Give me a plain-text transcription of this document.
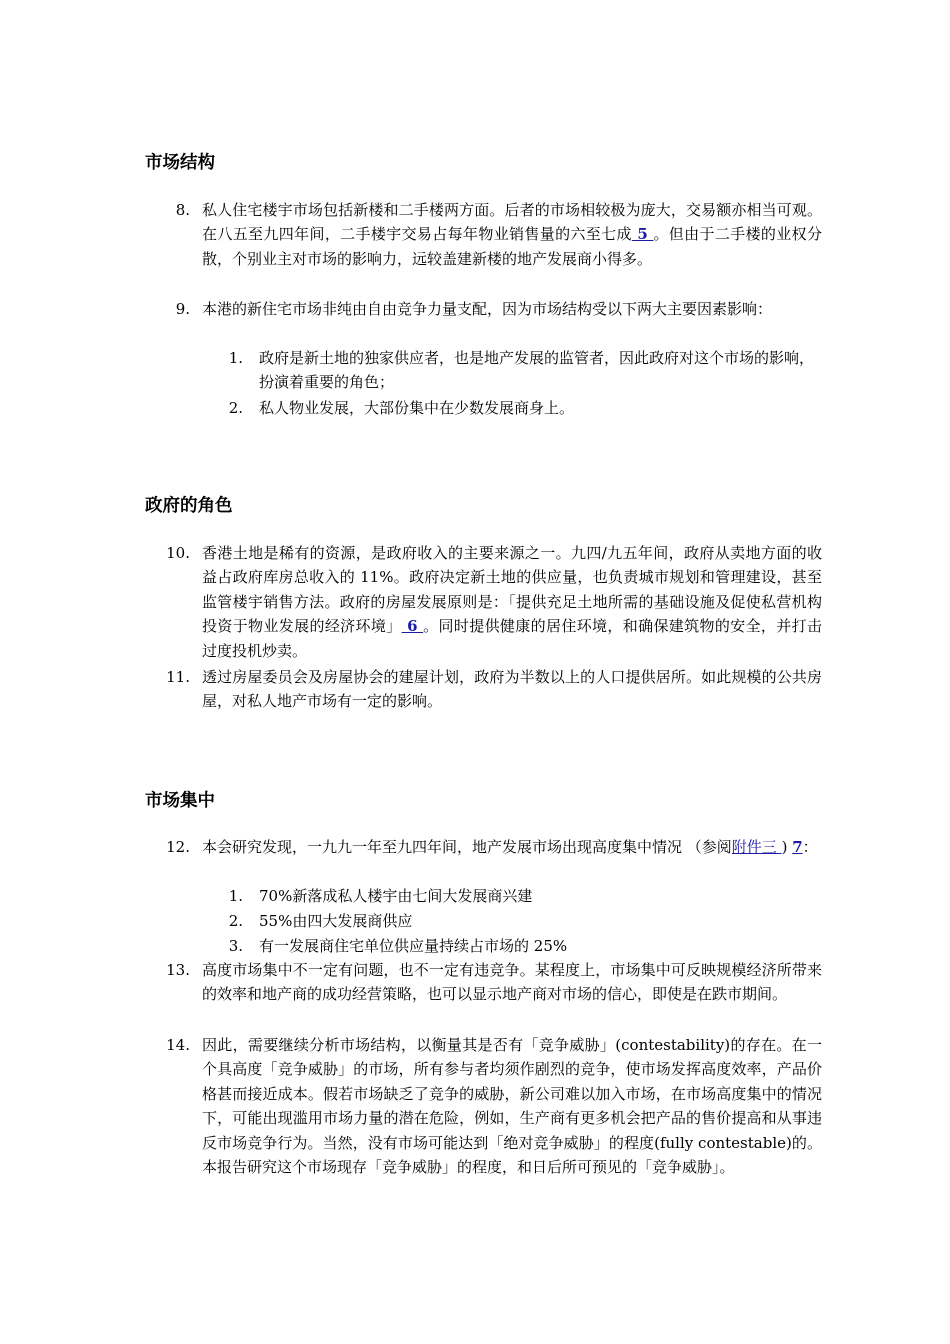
市场结构
8. 私人住宅楼宇市场包括新楼和二手楼两方面。后者的市场相较极为庞大，交易额亦相当可观。在八五至九四年间，二手楼宇交易占每年物业销售量的六至七成 5 。但由于二手楼的业权分散，个别业主对市场的影响力，远较盖建新楼的地产发展商小得多。
9. 本港的新住宅市场非纯由自由竞争力量支配，因为市场结构受以下两大主要因素影响：
1. 政府是新土地的独家供应者，也是地产发展的监管者，因此政府对这个市场的影响，扮演着重要的角色；
2. 私人物业发展，大部份集中在少数发展商身上。
政府的角色
10. 香港土地是稀有的资源，是政府收入的主要来源之一。九四/九五年间，政府从卖地方面的收益占政府库房总收入的 11%。政府决定新土地的供应量，也负责城市规划和管理建设，甚至监管楼宇销售方法。政府的房屋发展原则是：「提供充足土地所需的基础设施及促使私营机构投资于物业发展的经济环境」 6 。同时提供健康的居住环境，和确保建筑物的安全，并打击过度投机炒卖。
11. 透过房屋委员会及房屋协会的建屋计划，政府为半数以上的人口提供居所。如此规模的公共房屋，对私人地产市场有一定的影响。
市场集中
12. 本会研究发现，一九九一年至九四年间，地产发展市场出现高度集中情况 （参阅附件三 ) 7：
1. 70%新落成私人楼宇由七间大发展商兴建
2. 55%由四大发展商供应
3. 有一发展商住宅单位供应量持续占市场的 25%
13. 高度市场集中不一定有问题，也不一定有违竞争。某程度上，市场集中可反映规模经济所带来的效率和地产商的成功经营策略，也可以显示地产商对市场的信心，即使是在跌市期间。
14. 因此，需要继续分析市场结构，以衡量其是否有「竞争威胁」(contestability)的存在。在一个具高度「竞争威胁」的市场，所有参与者均须作剧烈的竞争，使市场发挥高度效率，产品价格甚而接近成本。假若市场缺乏了竞争的威胁，新公司难以加入市场，在市场高度集中的情况下，可能出现滥用市场力量的潜在危险，例如，生产商有更多机会把产品的售价提高和从事违反市场竞争行为。当然，没有市场可能达到「绝对竞争威胁」的程度(fully contestable)的。本报告研究这个市场现存「竞争威胁」的程度，和日后所可预见的「竞争威胁」。
